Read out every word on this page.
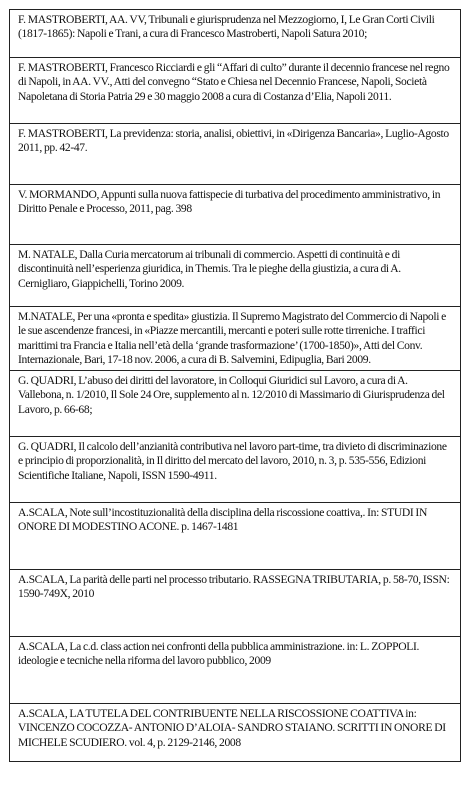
F. MASTROBERTI, AA. VV, Tribunali e giurisprudenza nel Mezzogiorno, I, Le Gran Corti Civili (1817-1865): Napoli e Trani, a cura di Francesco Mastroberti, Napoli Satura 2010;

F. MASTROBERTI, Francesco Ricciardi e gli “Affari di culto” durante il decennio francese nel regno di Napoli, in AA. VV., Atti del convegno “Stato e Chiesa nel Decennio Francese, Napoli, Società Napoletana di Storia Patria 29 e 30 maggio 2008 a cura di Costanza d’Elia, Napoli 2011.

F. MASTROBERTI, La previdenza: storia, analisi, obiettivi, in «Dirigenza Bancaria», Luglio-Agosto 2011, pp. 42-47.

V. MORMANDO, Appunti sulla nuova fattispecie di turbativa del procedimento amministrativo, in Diritto Penale e Processo, 2011, pag. 398

M. NATALE, Dalla Curia mercatorum ai tribunali di commercio. Aspetti di continuità e di discontinuità nell’esperienza giuridica, in Themis. Tra le pieghe della giustizia, a cura di A. Cernigliaro, Giappichelli, Torino 2009.

M.NATALE, Per una «pronta e spedita» giustizia. Il Supremo Magistrato del Commercio di Napoli e le sue ascendenze francesi, in «Piazze mercantili, mercanti e poteri sulle rotte tirreniche. I traffici marittimi tra Francia e Italia nell’età della ‘grande trasformazione’ (1700-1850)», Atti del Conv. Internazionale, Bari, 17-18 nov. 2006, a cura di B. Salvemini, Edipuglia, Bari 2009.

G. QUADRI, L’abuso dei diritti del lavoratore, in Colloqui Giuridici sul Lavoro, a cura di A. Vallebona, n. 1/2010, Il Sole 24 Ore, supplemento al n. 12/2010 di Massimario di Giurisprudenza del Lavoro, p. 66-68;

G. QUADRI, Il calcolo dell’anzianità contributiva nel lavoro part-time, tra divieto di discriminazione e principio di proporzionalità, in Il diritto del mercato del lavoro, 2010, n. 3, p. 535-556, Edizioni Scientifiche Italiane, Napoli, ISSN 1590-4911.

A.SCALA, Note sull’incostituzionalità della disciplina della riscossione coattiva,. In: STUDI IN ONORE DI MODESTINO ACONE. p. 1467-1481

A.SCALA, La parità delle parti nel processo tributario. RASSEGNA TRIBUTARIA, p. 58-70, ISSN: 1590-749X, 2010

A.SCALA, La c.d. class action nei confronti della pubblica amministrazione. in: L. ZOPPOLI. ideologie e tecniche nella riforma del lavoro pubblico, 2009

A.SCALA, LA TUTELA DEL CONTRIBUENTE NELLA RISCOSSIONE COATTIVA in: VINCENZO COCOZZA- ANTONIO D’ALOIA- SANDRO STAIANO. SCRITTI IN ONORE DI MICHELE SCUDIERO. vol. 4, p. 2129-2146, 2008
